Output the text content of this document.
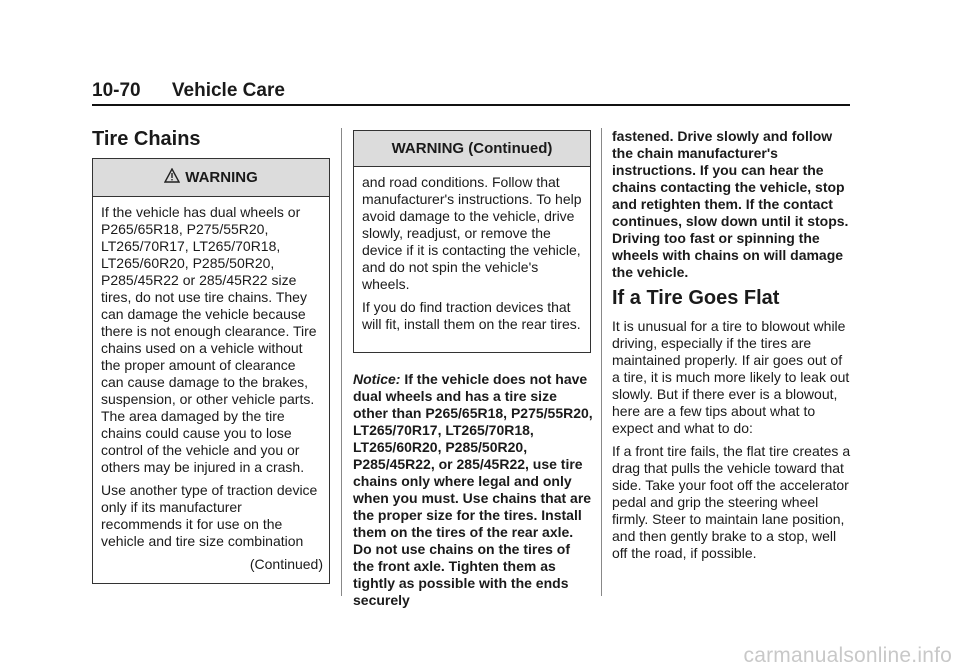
10-70 Vehicle Care
Tire Chains
WARNING

If the vehicle has dual wheels or P265/65R18, P275/55R20, LT265/70R17, LT265/70R18, LT265/60R20, P285/50R20, P285/45R22 or 285/45R22 size tires, do not use tire chains. They can damage the vehicle because there is not enough clearance. Tire chains used on a vehicle without the proper amount of clearance can cause damage to the brakes, suspension, or other vehicle parts. The area damaged by the tire chains could cause you to lose control of the vehicle and you or others may be injured in a crash.

Use another type of traction device only if its manufacturer recommends it for use on the vehicle and tire size combination

(Continued)
WARNING (Continued)

and road conditions. Follow that manufacturer's instructions. To help avoid damage to the vehicle, drive slowly, readjust, or remove the device if it is contacting the vehicle, and do not spin the vehicle's wheels.

If you do find traction devices that will fit, install them on the rear tires.

Notice: If the vehicle does not have dual wheels and has a tire size other than P265/65R18, P275/55R20, LT265/70R17, LT265/70R18, LT265/60R20, P285/50R20, P285/45R22, or 285/45R22, use tire chains only where legal and only when you must. Use chains that are the proper size for the tires. Install them on the tires of the rear axle. Do not use chains on the tires of the front axle. Tighten them as tightly as possible with the ends securely
fastened. Drive slowly and follow the chain manufacturer's instructions. If you can hear the chains contacting the vehicle, stop and retighten them. If the contact continues, slow down until it stops. Driving too fast or spinning the wheels with chains on will damage the vehicle.
If a Tire Goes Flat

It is unusual for a tire to blowout while driving, especially if the tires are maintained properly. If air goes out of a tire, it is much more likely to leak out slowly. But if there ever is a blowout, here are a few tips about what to expect and what to do:

If a front tire fails, the flat tire creates a drag that pulls the vehicle toward that side. Take your foot off the accelerator pedal and grip the steering wheel firmly. Steer to maintain lane position, and then gently brake to a stop, well off the road, if possible.

carmanualsonline.info
